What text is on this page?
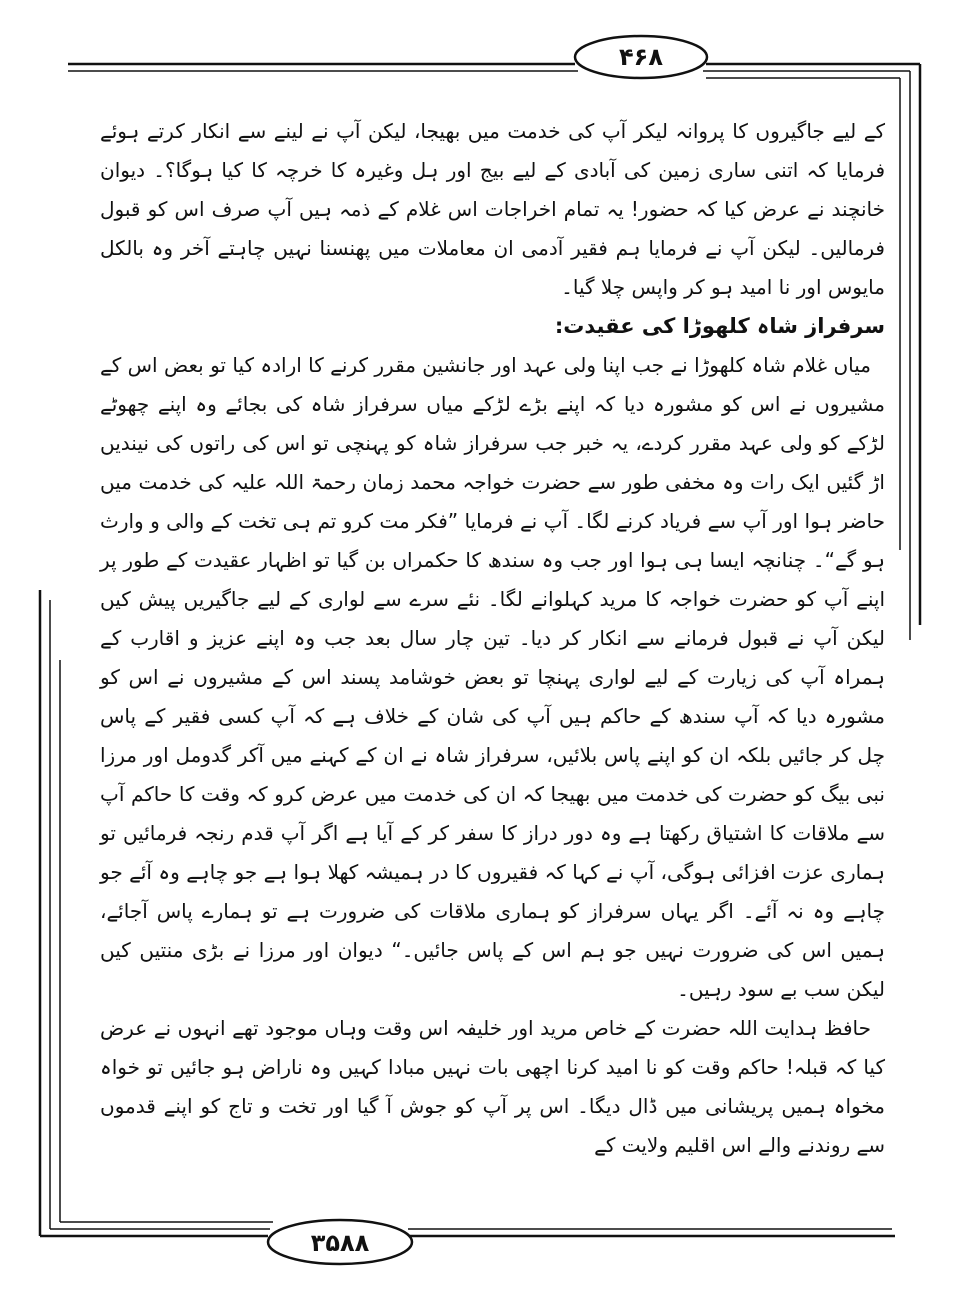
۴۶۸
۳۵۸۸

کے لیے جاگیروں کا پروانہ لیکر آپ کی خدمت میں بھیجا، لیکن آپ نے لینے سے انکار کرتے ہوئے فرمایا کہ اتنی ساری زمین کی آبادی کے لیے بیج اور ہل وغیرہ کا خرچہ کا کیا ہوگا؟۔ دیوان خانچند نے عرض کیا کہ حضور! یہ تمام اخراجات اس غلام کے ذمہ ہیں آپ صرف اس کو قبول فرمالیں۔ لیکن آپ نے فرمایا ہم فقیر آدمی ان معاملات میں پھنسنا نہیں چاہتے آخر وہ بالکل مایوس اور نا امید ہو کر واپس چلا گیا۔

سرفراز شاہ کلھوڑا کی عقیدت:

میاں غلام شاہ کلھوڑا نے جب اپنا ولی عہد اور جانشین مقرر کرنے کا ارادہ کیا تو بعض اس کے مشیروں نے اس کو مشورہ دیا کہ اپنے بڑے لڑکے میاں سرفراز شاہ کی بجائے وہ اپنے چھوٹے لڑکے کو ولی عہد مقرر کردے، یہ خبر جب سرفراز شاہ کو پہنچی تو اس کی راتوں کی نیندیں اڑ گئیں ایک رات وہ مخفی طور سے حضرت خواجہ محمد زمان رحمۃ اللہ علیہ کی خدمت میں حاضر ہوا اور آپ سے فریاد کرنے لگا۔ آپ نے فرمایا ”فکر مت کرو تم ہی تخت کے والی و وارث ہو گے“۔ چنانچہ ایسا ہی ہوا اور جب وہ سندھ کا حکمراں بن گیا تو اظہار عقیدت کے طور پر اپنے آپ کو حضرت خواجہ کا مرید کہلوانے لگا۔ نئے سرے سے لواری کے لیے جاگیریں پیش کیں لیکن آپ نے قبول فرمانے سے انکار کر دیا۔ تین چار سال بعد جب وہ اپنے عزیز و اقارب کے ہمراہ آپ کی زیارت کے لیے لواری پہنچا تو بعض خوشامد پسند اس کے مشیروں نے اس کو مشورہ دیا کہ آپ سندھ کے حاکم ہیں آپ کی شان کے خلاف ہے کہ آپ کسی فقیر کے پاس چل کر جائیں بلکہ ان کو اپنے پاس بلائیں، سرفراز شاہ نے ان کے کہنے میں آکر گدومل اور مرزا نبی بیگ کو حضرت کی خدمت میں بھیجا کہ ان کی خدمت میں عرض کرو کہ وقت کا حاکم آپ سے ملاقات کا اشتیاق رکھتا ہے وہ دور دراز کا سفر کر کے آیا ہے اگر آپ قدم رنجہ فرمائیں تو ہماری عزت افزائی ہوگی، آپ نے کہا کہ فقیروں کا در ہمیشہ کھلا ہوا ہے جو چاہے وہ آئے جو چاہے وہ نہ آئے۔ اگر یہاں سرفراز کو ہماری ملاقات کی ضرورت ہے تو ہمارے پاس آجائے، ہمیں اس کی ضرورت نہیں جو ہم اس کے پاس جائیں۔“ دیوان اور مرزا نے بڑی منتیں کیں لیکن سب بے سود رہیں۔

حافظ ہدایت اللہ حضرت کے خاص مرید اور خلیفہ اس وقت وہاں موجود تھے انہوں نے عرض کیا کہ قبلہ! حاکم وقت کو نا امید کرنا اچھی بات نہیں مبادا کہیں وہ ناراض ہو جائیں تو خواہ مخواہ ہمیں پریشانی میں ڈال دیگا۔ اس پر آپ کو جوش آ گیا اور تخت و تاج کو اپنے قدموں سے روندنے والے اس اقلیم ولایت کے
